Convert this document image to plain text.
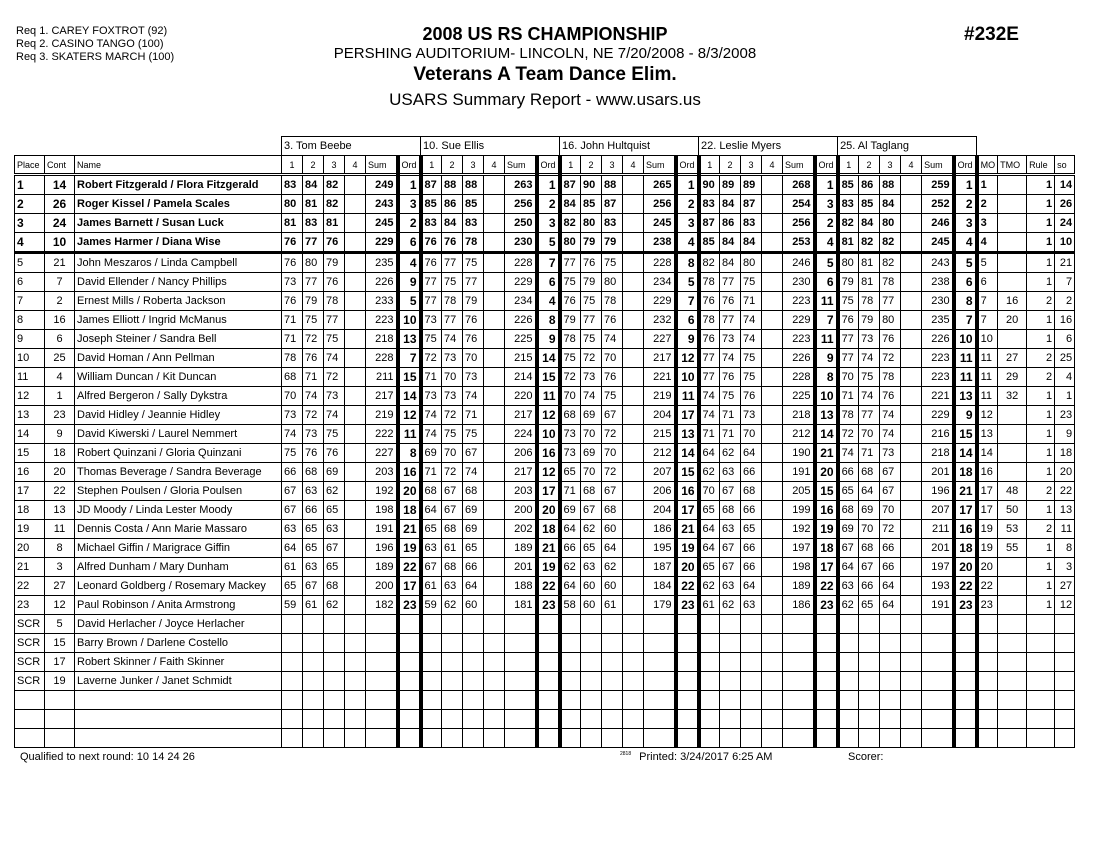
Req 1. CAREY FOXTROT (92)
Req 2. CASINO TANGO (100)
Req 3. SKATERS MARCH (100)
2008 US RS CHAMPIONSHIP
PERSHING AUDITORIUM- LINCOLN, NE 7/20/2008 - 8/3/2008
Veterans A Team Dance Elim.
USARS Summary Report - www.usars.us
#232E
			3. Tom Beebe						10. Sue Ellis						16. John Hultquist						22. Leslie Myers						25. Al Taglang									
Place	Cont	Name	1	2	3	4	Sum	Ord	1	2	3	4	Sum	Ord	1	2	3	4	Sum	Ord	1	2	3	4	Sum	Ord	1	2	3	4	Sum	Ord	MO	TMO	Rule	so
1	14	Robert Fitzgerald / Flora Fitzgerald	83	84	82		249	1	87	88	88		263	1	87	90	88		265	1	90	89	89		268	1	85	86	88		259	1	1		1	14
2	26	Roger Kissel / Pamela Scales	80	81	82		243	3	85	86	85		256	2	84	85	87		256	2	83	84	87		254	3	83	85	84		252	2	2		1	26
3	24	James Barnett / Susan Luck	81	83	81		245	2	83	84	83		250	3	82	80	83		245	3	87	86	83		256	2	82	84	80		246	3	3		1	24
4	10	James Harmer / Diana Wise	76	77	76		229	6	76	76	78		230	5	80	79	79		238	4	85	84	84		253	4	81	82	82		245	4	4		1	10
5	21	John Meszaros / Linda Campbell	76	80	79		235	4	76	77	75		228	7	77	76	75		228	8	82	84	80		246	5	80	81	82		243	5	5		1	21
6	7	David Ellender / Nancy Phillips	73	77	76		226	9	77	75	77		229	6	75	79	80		234	5	78	77	75		230	6	79	81	78		238	6	6		1	7
7	2	Ernest Mills / Roberta Jackson	76	79	78		233	5	77	78	79		234	4	76	75	78		229	7	76	76	71		223	11	75	78	77		230	8	7	16	2	2
8	16	James Elliott / Ingrid McManus	71	75	77		223	10	73	77	76		226	8	79	77	76		232	6	78	77	74		229	7	76	79	80		235	7	7	20	1	16
9	6	Joseph Steiner / Sandra Bell	71	72	75		218	13	75	74	76		225	9	78	75	74		227	9	76	73	74		223	11	77	73	76		226	10	10		1	6
10	25	David Homan / Ann Pellman	78	76	74		228	7	72	73	70		215	14	75	72	70		217	12	77	74	75		226	9	77	74	72		223	11	11	27	2	25
11	4	William Duncan / Kit Duncan	68	71	72		211	15	71	70	73		214	15	72	73	76		221	10	77	76	75		228	8	70	75	78		223	11	11	29	2	4
12	1	Alfred Bergeron / Sally Dykstra	70	74	73		217	14	73	73	74		220	11	70	74	75		219	11	74	75	76		225	10	71	74	76		221	13	11	32	1	1
13	23	David Hidley / Jeannie Hidley	73	72	74		219	12	74	72	71		217	12	68	69	67		204	17	74	71	73		218	13	78	77	74		229	9	12		1	23
14	9	David Kiwerski / Laurel Nemmert	74	73	75		222	11	74	75	75		224	10	73	70	72		215	13	71	71	70		212	14	72	70	74		216	15	13		1	9
15	18	Robert Quinzani / Gloria Quinzani	75	76	76		227	8	69	70	67		206	16	73	69	70		212	14	64	62	64		190	21	74	71	73		218	14	14		1	18
16	20	Thomas Beverage / Sandra Beverage	66	68	69		203	16	71	72	74		217	12	65	70	72		207	15	62	63	66		191	20	66	68	67		201	18	16		1	20
17	22	Stephen Poulsen / Gloria Poulsen	67	63	62		192	20	68	67	68		203	17	71	68	67		206	16	70	67	68		205	15	65	64	67		196	21	17	48	2	22
18	13	JD Moody / Linda Lester Moody	67	66	65		198	18	64	67	69		200	20	69	67	68		204	17	65	68	66		199	16	68	69	70		207	17	17	50	1	13
19	11	Dennis Costa / Ann Marie Massaro	63	65	63		191	21	65	68	69		202	18	64	62	60		186	21	64	63	65		192	19	69	70	72		211	16	19	53	2	11
20	8	Michael Giffin / Marigrace Giffin	64	65	67		196	19	63	61	65		189	21	66	65	64		195	19	64	67	66		197	18	67	68	66		201	18	19	55	1	8
21	3	Alfred Dunham / Mary Dunham	61	63	65		189	22	67	68	66		201	19	62	63	62		187	20	65	67	66		198	17	64	67	66		197	20	20		1	3
22	27	Leonard Goldberg / Rosemary Mackey	65	67	68		200	17	61	63	64		188	22	64	60	60		184	22	62	63	64		189	22	63	66	64		193	22	22		1	27
23	12	Paul Robinson / Anita Armstrong	59	61	62		182	23	59	62	60		181	23	58	60	61		179	23	61	62	63		186	23	62	65	64		191	23	23		1	12
SCR	5	David Herlacher / Joyce Herlacher																																		
SCR	15	Barry Brown / Darlene Costello																																		
SCR	17	Robert Skinner / Faith Skinner																																		
SCR	19	Laverne Junker / Janet Schmidt																																		

Qualified to next round: 10 14 24 26	$^{2818}$ Printed: 3/24/2017 6:25 AM	Scorer:
